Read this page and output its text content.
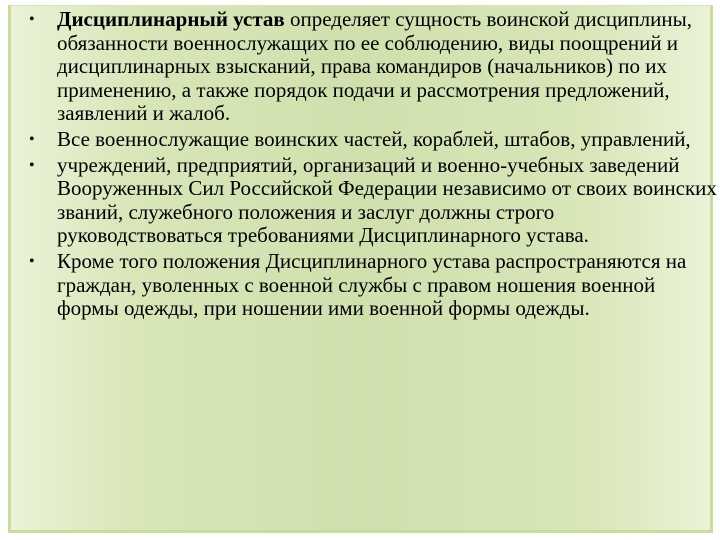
• Дисциплинарный устав определяет сущность воинской дисциплины, обязанности военнослужащих по ее соблюдению, виды поощрений и дисциплинарных взысканий, права командиров (начальников) по их применению, а также порядок подачи и рассмотрения предложений, заявлений и жалоб.
• Все военнослужащие воинских частей, кораблей, штабов, управлений,
• учреждений, предприятий, организаций и военно-учебных заведений Вооруженных Сил Российской Федерации независимо от своих воинских званий, служебного положения и заслуг должны строго руководствоваться требованиями Дисциплинарного устава.
• Кроме того положения Дисциплинарного устава распространяются на граждан, уволенных с военной службы с правом ношения военной формы одежды, при ношении ими военной формы одежды.
